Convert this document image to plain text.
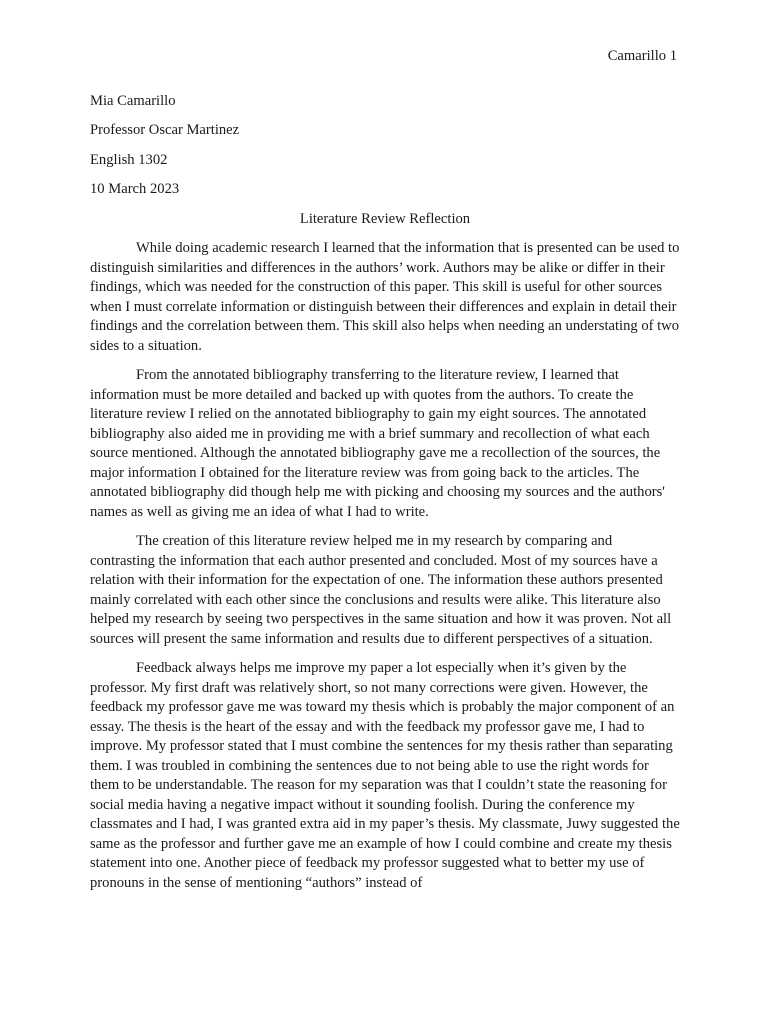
Camarillo 1

Mia Camarillo

Professor Oscar Martinez

English 1302

10 March 2023

Literature Review Reflection

While doing academic research I learned that the information that is presented can be used to distinguish similarities and differences in the authors’ work. Authors may be alike or differ in their findings, which was needed for the construction of this paper. This skill is useful for other sources when I must correlate information or distinguish between their differences and explain in detail their findings and the correlation between them. This skill also helps when needing an understating of two sides to a situation.

From the annotated bibliography transferring to the literature review, I learned that information must be more detailed and backed up with quotes from the authors. To create the literature review I relied on the annotated bibliography to gain my eight sources. The annotated bibliography also aided me in providing me with a brief summary and recollection of what each source mentioned. Although the annotated bibliography gave me a recollection of the sources, the major information I obtained for the literature review was from going back to the articles. The annotated bibliography did though help me with picking and choosing my sources and the authors' names as well as giving me an idea of what I had to write.

The creation of this literature review helped me in my research by comparing and contrasting the information that each author presented and concluded. Most of my sources have a relation with their information for the expectation of one. The information these authors presented mainly correlated with each other since the conclusions and results were alike. This literature also helped my research by seeing two perspectives in the same situation and how it was proven. Not all sources will present the same information and results due to different perspectives of a situation.

Feedback always helps me improve my paper a lot especially when it’s given by the professor. My first draft was relatively short, so not many corrections were given. However, the feedback my professor gave me was toward my thesis which is probably the major component of an essay. The thesis is the heart of the essay and with the feedback my professor gave me, I had to improve. My professor stated that I must combine the sentences for my thesis rather than separating them. I was troubled in combining the sentences due to not being able to use the right words for them to be understandable. The reason for my separation was that I couldn’t state the reasoning for social media having a negative impact without it sounding foolish. During the conference my classmates and I had, I was granted extra aid in my paper’s thesis. My classmate, Juwy suggested the same as the professor and further gave me an example of how I could combine and create my thesis statement into one. Another piece of feedback my professor suggested what to better my use of pronouns in the sense of mentioning “authors” instead of
